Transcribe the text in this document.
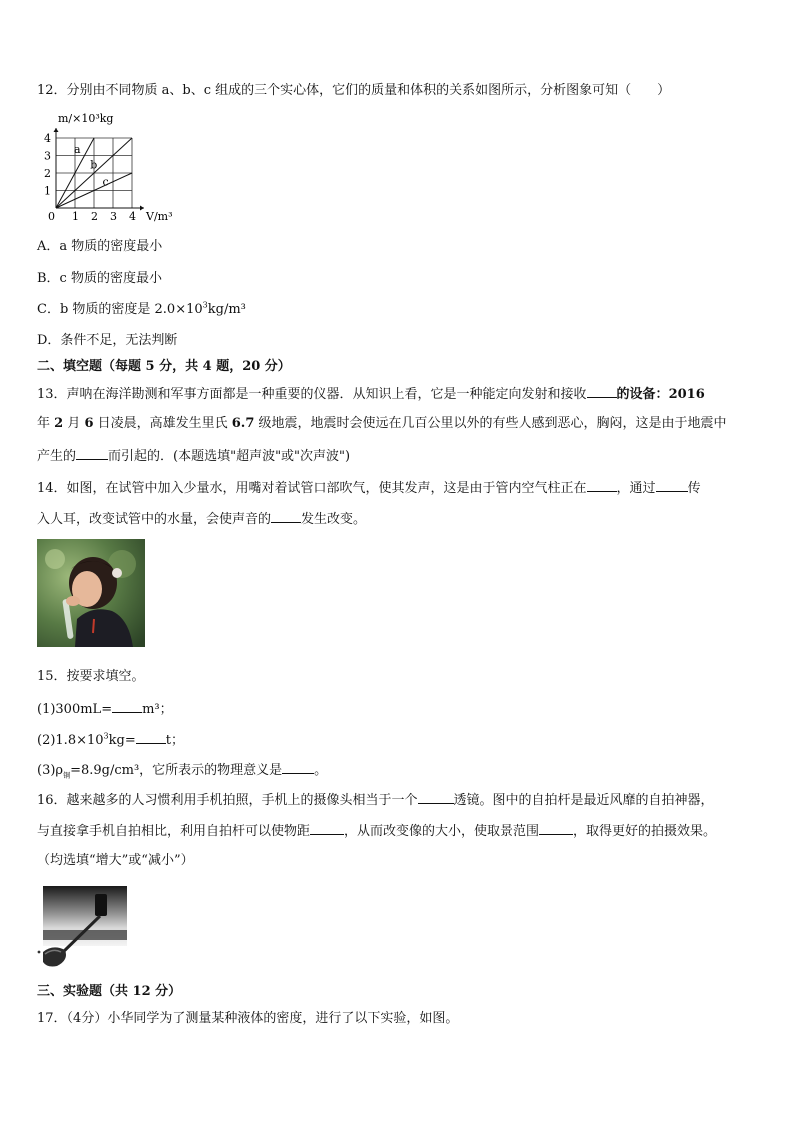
12．分别由不同物质 a、b、c 组成的三个实心体，它们的质量和体积的关系如图所示，分析图象可知（　　）
a
b
c
1 2 3 4
1
2
3
4
0
m/×10³kg
V/m³
A．a 物质的密度最小
B．c 物质的密度最小
C．b 物质的密度是 $2.0\times 10^3kg/m^3$
D．条件不足，无法判断
二、填空题（每题 5 分，共 4 题，20 分）
13．声呐在海洋勘测和军事方面都是一种重要的仪器．从知识上看，它是一种能定向发射和接收 的设备：2016
年 2 月 6 日凌晨，高雄发生里氏 6.7 级地震，地震时会使远在几百公里以外的有些人感到恶心，胸闷，这是由于地震中
产生的 而引起的．(本题选填"超声波"或"次声波")
14．如图，在试管中加入少量水，用嘴对着试管口部吹气，使其发声，这是由于管内空气柱正在 ，通过 传
入人耳，改变试管中的水量，会使声音的 发生改变。
15．按要求填空。
(1)300mL= m³；
$(2)1.8\times 10^3kg= t$；
$(3)\rho_铜=8.9g$/cm³，它所表示的物理意义是 。
16．越来越多的人习惯利用手机拍照，手机上的摄像头相当于一个	透镜。图中的自拍杆是最近风靡的自拍神器，
与直接拿手机自拍相比，利用自拍杆可以使物距	，从而改变像的大小，使取景范围	，取得更好的拍摄效果。
（均选填“增大”或“减小”）
三、实验题（共 12 分）
17．（4分）小华同学为了测量某种液体的密度，进行了以下实验，如图。
